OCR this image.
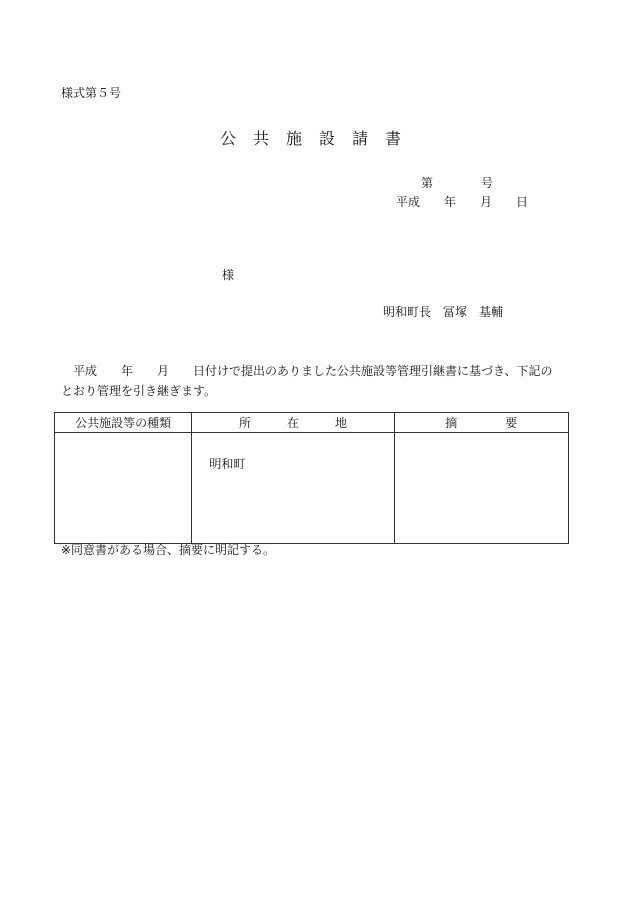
様式第５号
公共施設請書
第　　　　号
平成　　年　　月　　日
様
明和町長　冨塚　基輔
　平成　　年　　月　　日付けで提出のありました公共施設等管理引継書に基づき、下記の
とおり管理を引き継ぎます。
公共施設等の種類	所　　　在　　　地	摘　　　　要

	明和町	

※同意書がある場合、摘要に明記する。
